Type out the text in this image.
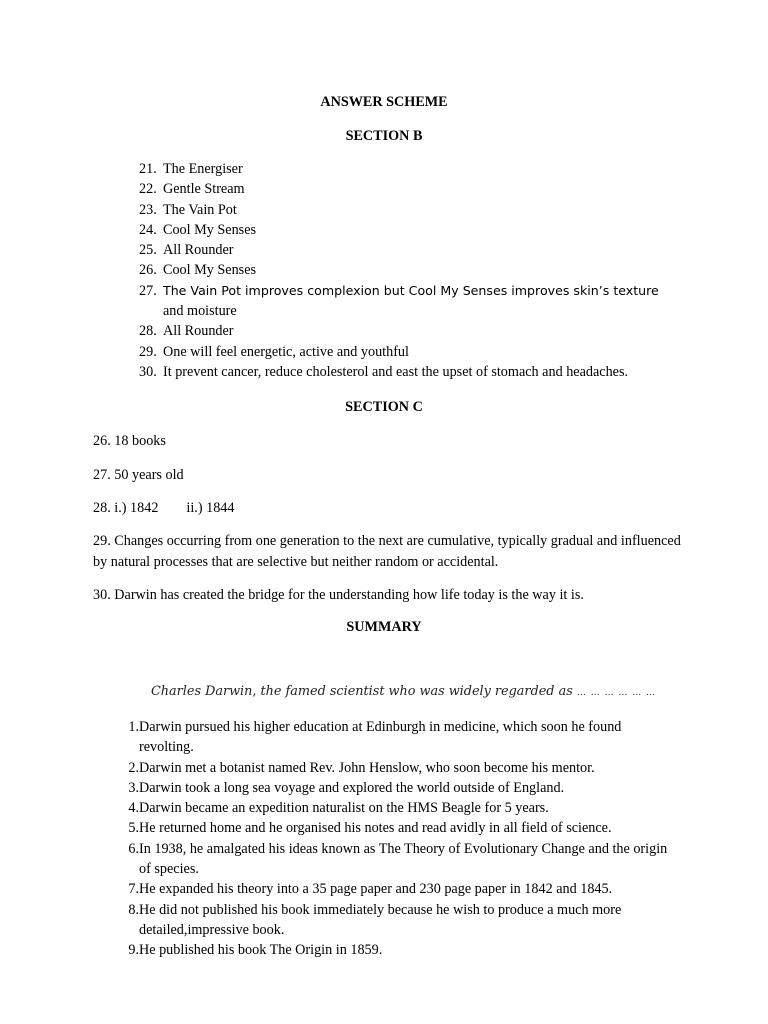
ANSWER SCHEME
SECTION B
21. The Energiser
22. Gentle Stream
23. The Vain Pot
24. Cool My Senses
25. All Rounder
26. Cool My Senses
27. The Vain Pot improves complexion but Cool My Senses improves skin’s texture
and moisture
28. All Rounder
29. One will feel energetic, active and youthful
30. It prevent cancer, reduce cholesterol and east the upset of stomach and headaches.
SECTION C

26. 18 books

27. 50 years old

28. i.) 1842 ii.) 1844

29. Changes occurring from one generation to the next are cumulative, typically gradual and influenced by natural processes that are selective but neither random or accidental.

30. Darwin has created the bridge for the understanding how life today is the way it is.

SUMMARY
Charles Darwin, the famed scientist who was widely regarded as … … … … … …
1. Darwin pursued his higher education at Edinburgh in medicine, which soon he found revolting.
2. Darwin met a botanist named Rev. John Henslow, who soon become his mentor.
3. Darwin took a long sea voyage and explored the world outside of England.
4. Darwin became an expedition naturalist on the HMS Beagle for 5 years.
5. He returned home and he organised his notes and read avidly in all field of science.
6. In 1938, he amalgated his ideas known as The Theory of Evolutionary Change and the origin of species.
7. He expanded his theory into a 35 page paper and 230 page paper in 1842 and 1845.
8. He did not published his book immediately because he wish to produce a much more detailed,impressive book.
9. He published his book The Origin in 1859.
